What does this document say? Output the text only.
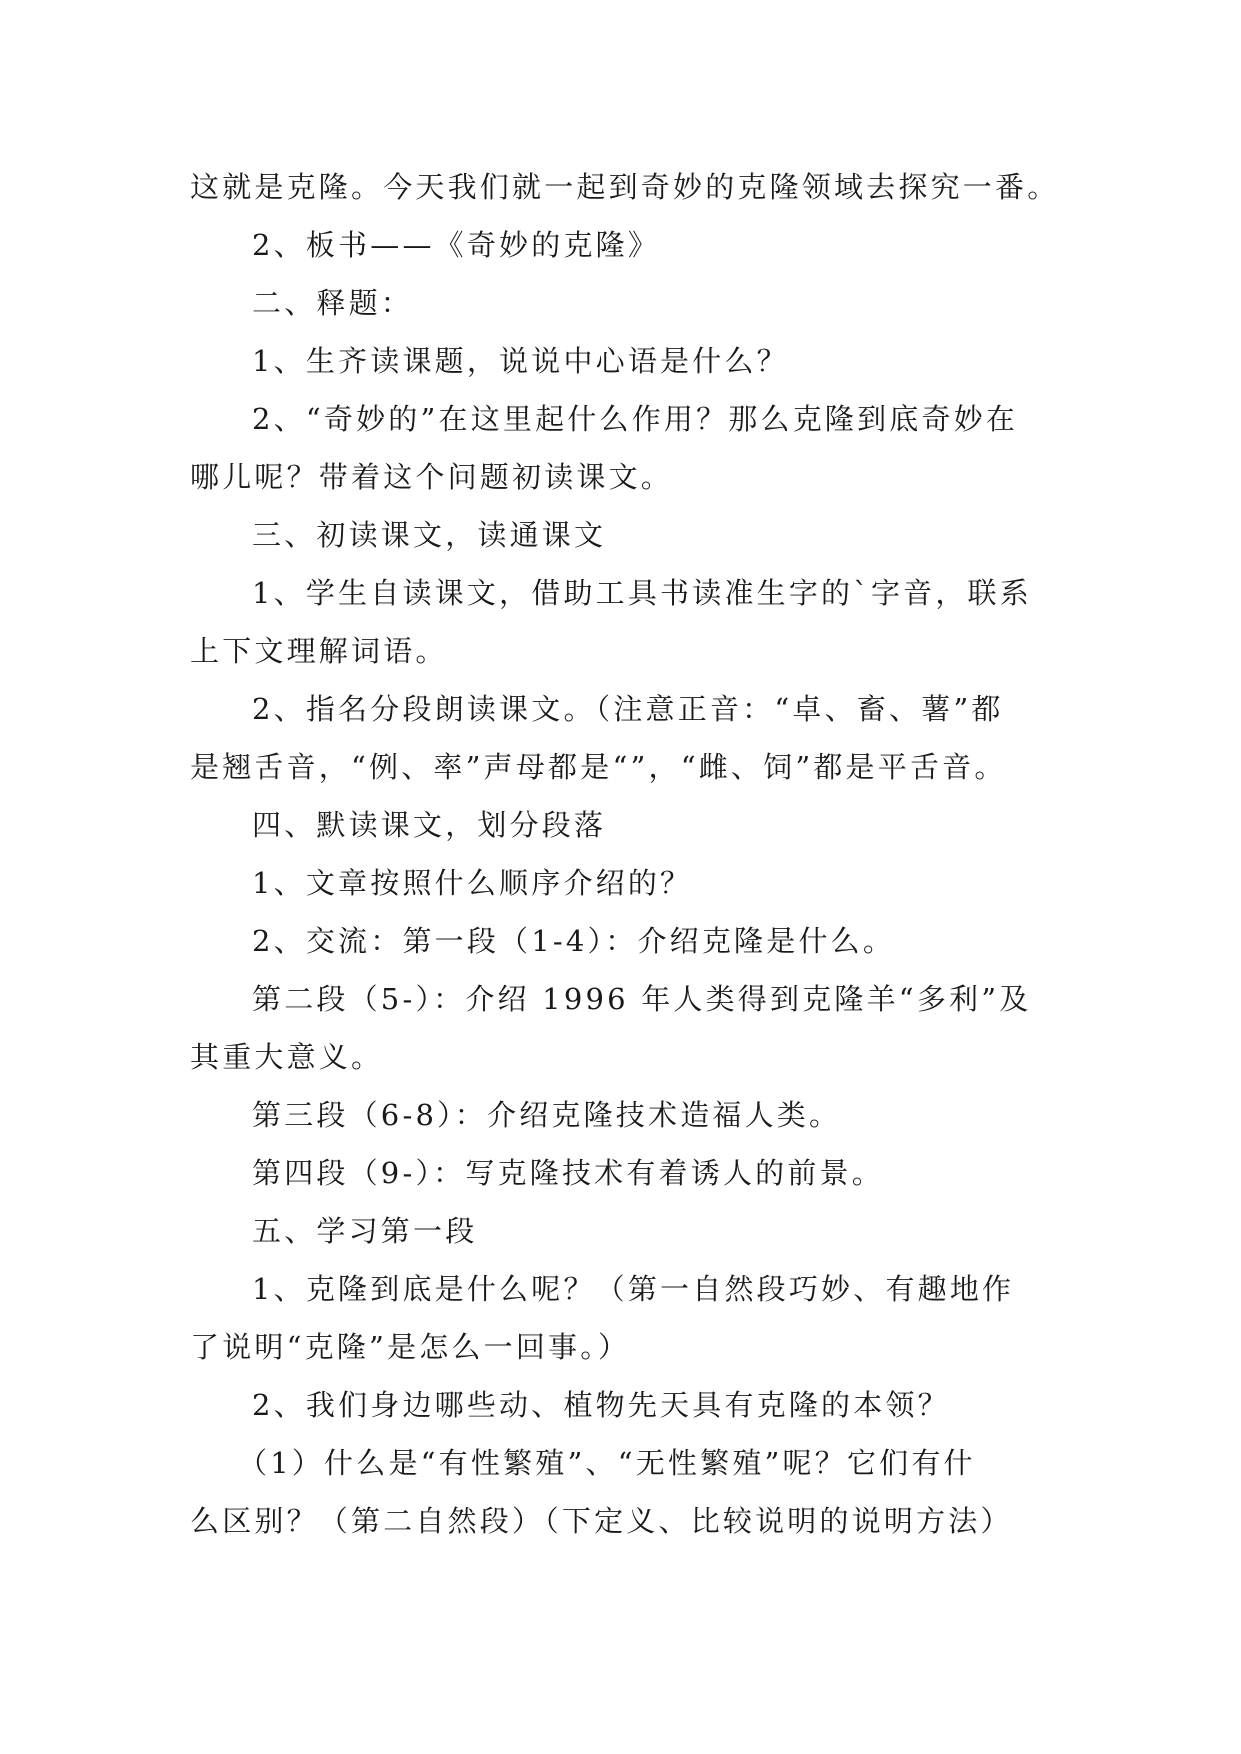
这就是克隆。今天我们就一起到奇妙的克隆领域去探究一番。
2、板书——《奇妙的克隆》
二、释题：
1、生齐读课题，说说中心语是什么？
2、“奇妙的”在这里起什么作用？那么克隆到底奇妙在
哪儿呢？带着这个问题初读课文。
三、初读课文，读通课文
1、学生自读课文，借助工具书读准生字的`字音，联系
上下文理解词语。
2、指名分段朗读课文。（注意正音：“卓、畜、薯”都
是翘舌音，“例、率”声母都是“”，“雌、饲”都是平舌音。
四、默读课文，划分段落
1、文章按照什么顺序介绍的？
2、交流：第一段（1-4）：介绍克隆是什么。
第二段（5-）：介绍 1996 年人类得到克隆羊“多利”及
其重大意义。
第三段（6-8）：介绍克隆技术造福人类。
第四段（9-）：写克隆技术有着诱人的前景。
五、学习第一段
1、克隆到底是什么呢？（第一自然段巧妙、有趣地作
了说明“克隆”是怎么一回事。）
2、我们身边哪些动、植物先天具有克隆的本领？
（1）什么是“有性繁殖”、“无性繁殖”呢？它们有什
么区别？（第二自然段）（下定义、比较说明的说明方法）
